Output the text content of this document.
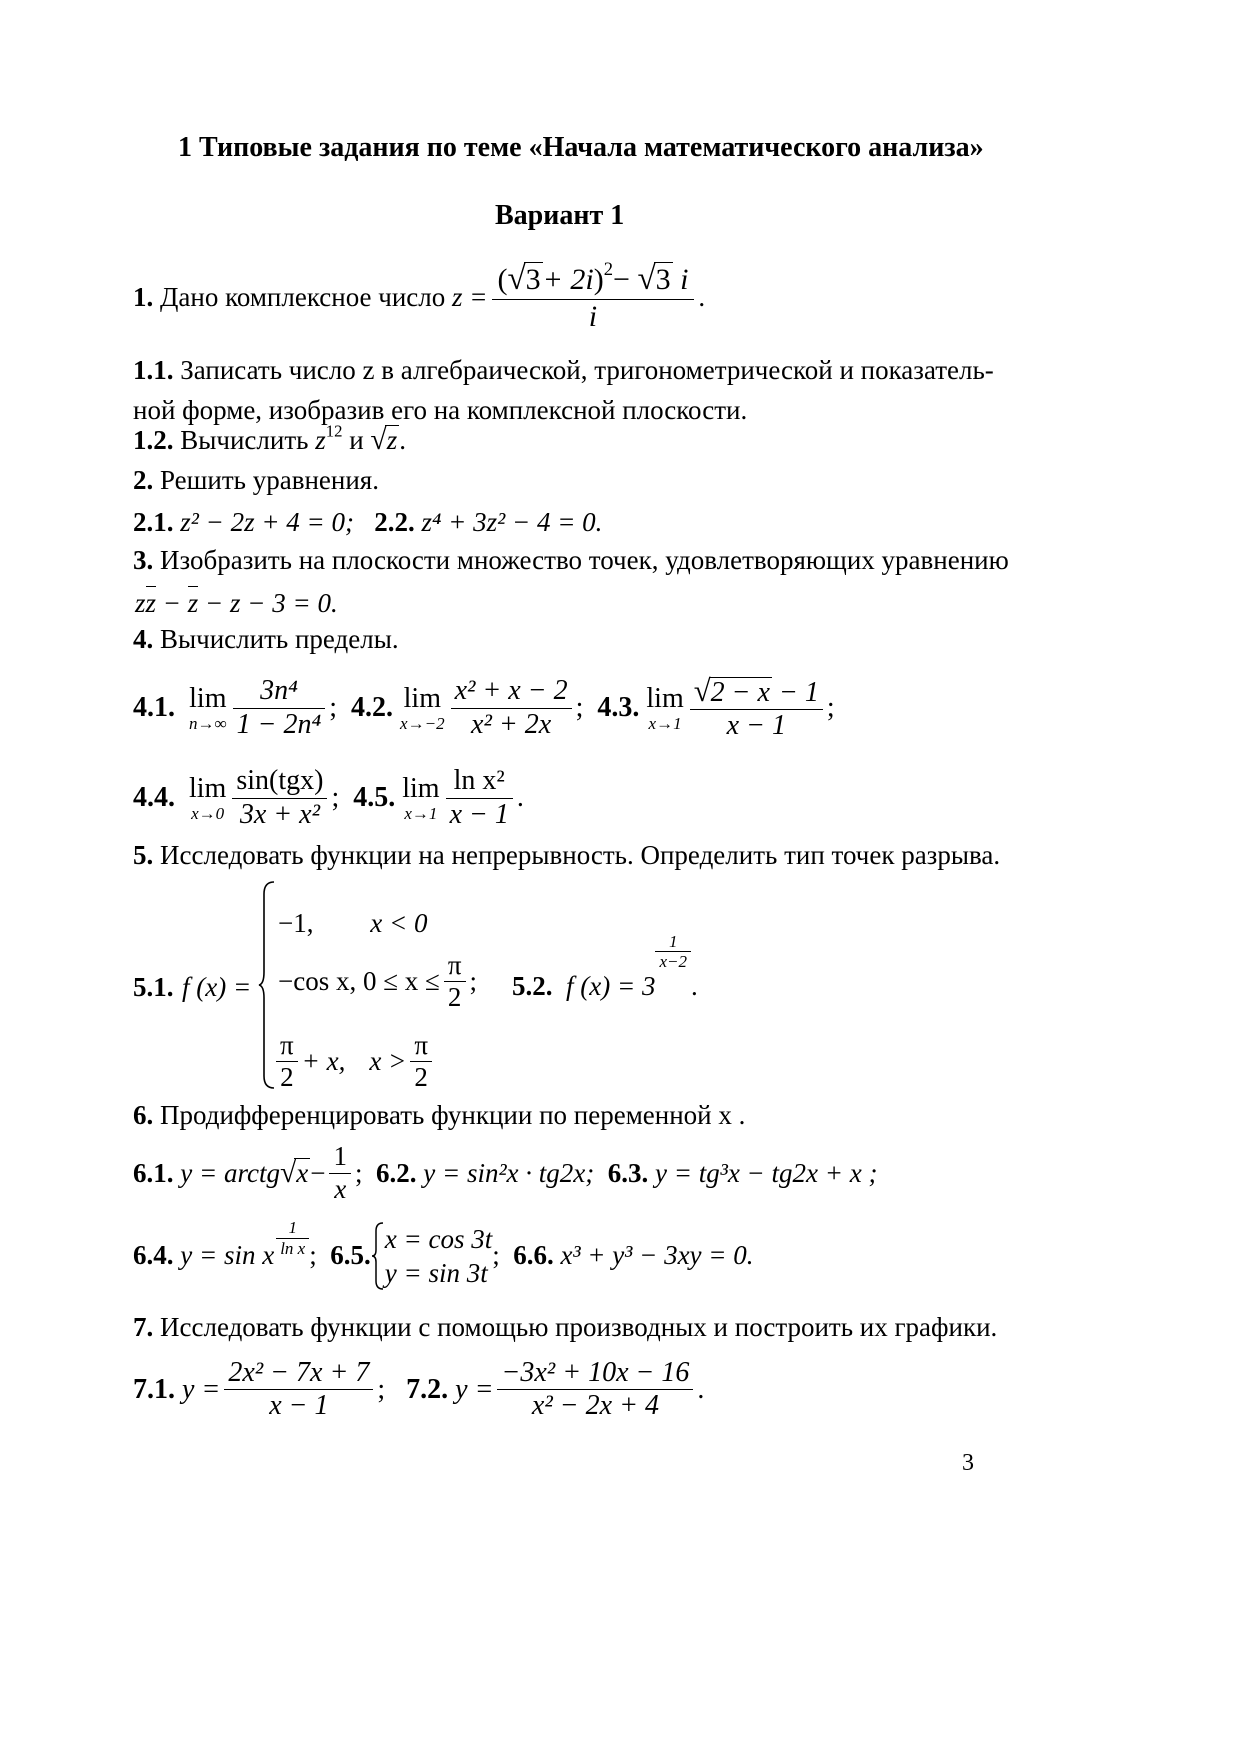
1 Типовые задания по теме «Начала математического анализа»
Вариант 1
1.
Дано комплексное число
$z = \frac{(√3+ 2i)^2- √3 i}{i}$ .
1.1. Записать число z в алгебраической, тригонометрической и показатель-
ной форме, изобразив его на комплексной плоскости.
1.2. Вычислить $z^{12}$ и √z.
2. Решить уравнения.
2.1. z² − 2z + 4 = 0; 2.2. z⁴ + 3z² − 4 = 0.
3. Изобразить на плоскости множество точек, удовлетворяющих уравнению
zz − z − z − 3 = 0.
4. Вычислить пределы.
4.1.
lim
$n\to\infty \frac{\text{3n⁴}}{\text{1 − 2n⁴}}$ ;
4.2.
lim
$x\to-2 \frac{\text{x² + x − 2}}{\text{x² + 2x}}$ ;
4.3.
lim
$x\to 1 \frac{√2 - x - 1}{x - 1}$ ;
4.4.
lim
$x\to 0 \frac{\text{sin(tgx)}}{\text{3x + x²}}$ ;
4.5.
lim
$x\to 1 \frac{\text{ln x²}}{x - 1}$ .
5. Исследовать функции на непрерывность. Определить тип точек разрыва.
5.1. f (x) =
−1, x < 0
−cos x, $0 \le x \le \frac{\pi}{2}$ ;
$\frac{\pi}{2} + x$, $x > \frac{\pi}{2}$
5.2.
f (x) = 3
$\frac{1}{x-2}$
.
6. Продифференцировать функции по переменной x .
6.1.
y = arctg √ $x - \frac{1}{x}$ ;
6.2.
y = sin²x · tg2x;
6.3.
y = tg³x − tg2x + x ;
6.4.
y = sin x $\frac{1}{\text{ln x}}$ ;
6.5.
x = cos 3t
y = sin 3t
;
6.6.
x³ + y³ − 3xy = 0.
7. Исследовать функции с помощью производных и построить их графики.
7.1.
$y = \frac{\text{2x² − 7x + 7}}{x - 1}$ ;
7.2.
$y = \frac{\text{−3x² + 10x − 16}}{\text{x² − 2x + 4}}$ .
3
